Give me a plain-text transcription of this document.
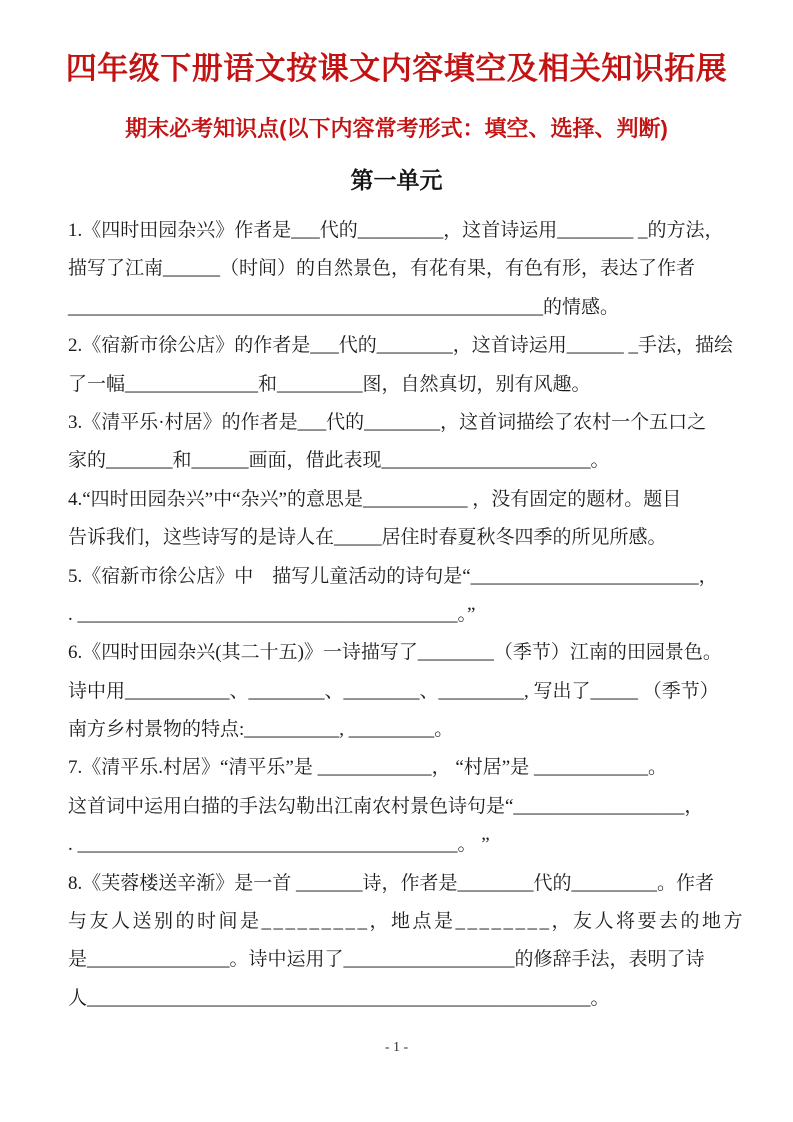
四年级下册语文按课文内容填空及相关知识拓展
期末必考知识点(以下内容常考形式：填空、选择、判断)
第一单元
1.《四时田园杂兴》作者是___代的_________，这首诗运用________ _的方法，
描写了江南______（时间）的自然景色，有花有果，有色有形，表达了作者
__________________________________________________的情感。
2.《宿新市徐公店》的作者是___代的________，这首诗运用______ _手法，描绘
了一幅______________和_________图，自然真切，别有风趣。
3.《清平乐·村居》的作者是___代的________，这首词描绘了农村一个五口之
家的_______和______画面，借此表现______________________。
4.“四时田园杂兴”中“杂兴”的意思是___________ ，没有固定的题材。题目
告诉我们，这些诗写的是诗人在_____居住时春夏秋冬四季的所见所感。
5.《宿新市徐公店》中　描写儿童活动的诗句是“________________________，
. ________________________________________。”
6.《四时田园杂兴(其二十五)》一诗描写了________（季节）江南的田园景色。
诗中用___________、________、________、_________, 写出了_____ （季节）
南方乡村景物的特点:__________, _________。
7.《清平乐.村居》“清平乐”是 ____________， “村居”是 ____________。
这首词中运用白描的手法勾勒出江南农村景色诗句是“__________________，
. ________________________________________。 ”
8.《芙蓉楼送辛渐》是一首 _______诗，作者是________代的_________。作者
与友人送别的时间是_________，地点是________，友人将要去的地方
是_______________。诗中运用了__________________的修辞手法，表明了诗
人_____________________________________________________。
- 1 -
